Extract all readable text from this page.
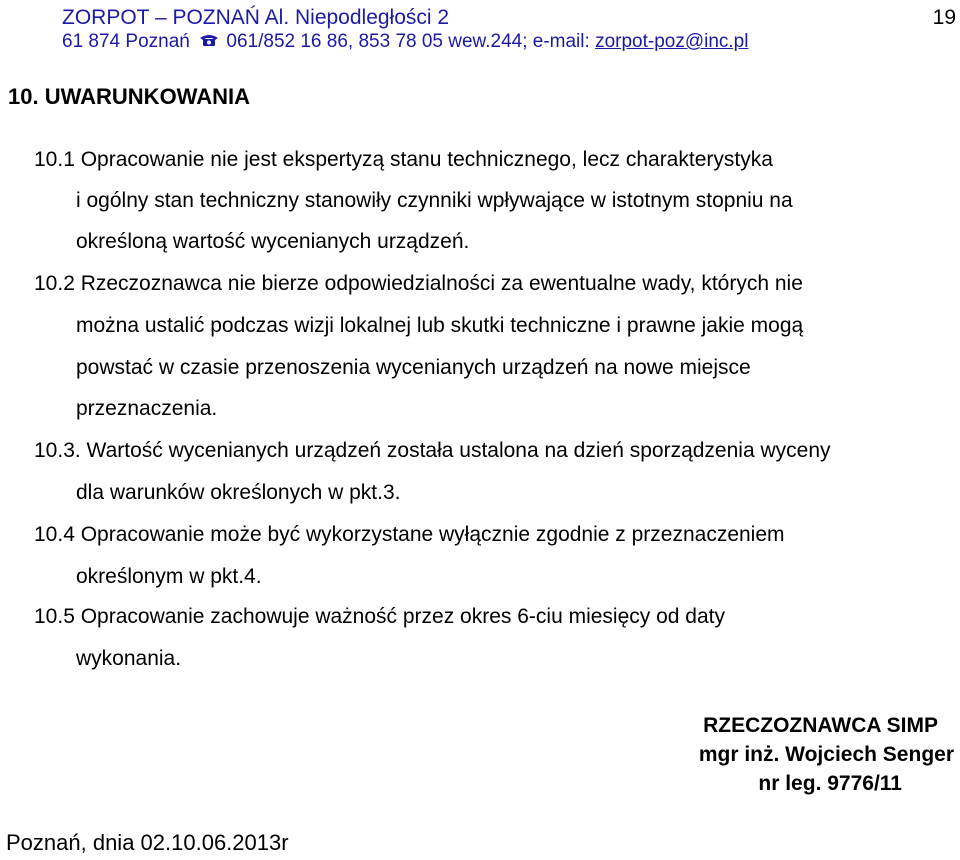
ZORPOT – POZNAŃ Al. Niepodległości 2
61 874 Poznań 061/852 16 86, 853 78 05 wew.244; e-mail: zorpot-poz@inc.pl
19
10. UWARUNKOWANIA
10.1 Opracowanie nie jest ekspertyzą stanu technicznego, lecz charakterystyka
i ogólny stan techniczny stanowiły czynniki wpływające w istotnym stopniu na
określoną wartość wycenianych urządzeń.
10.2 Rzeczoznawca nie bierze odpowiedzialności za ewentualne wady, których nie
można ustalić podczas wizji lokalnej lub skutki techniczne i prawne jakie mogą
powstać w czasie przenoszenia wycenianych urządzeń na nowe miejsce
przeznaczenia.
10.3. Wartość wycenianych urządzeń została ustalona na dzień sporządzenia wyceny
dla warunków określonych w pkt.3.
10.4 Opracowanie może być wykorzystane wyłącznie zgodnie z przeznaczeniem
określonym w pkt.4.
10.5 Opracowanie zachowuje ważność przez okres 6-ciu miesięcy od daty
wykonania.
RZECZOZNAWCA SIMP
mgr inż. Wojciech Senger
nr leg. 9776/11
Poznań, dnia 02.10.06.2013r
